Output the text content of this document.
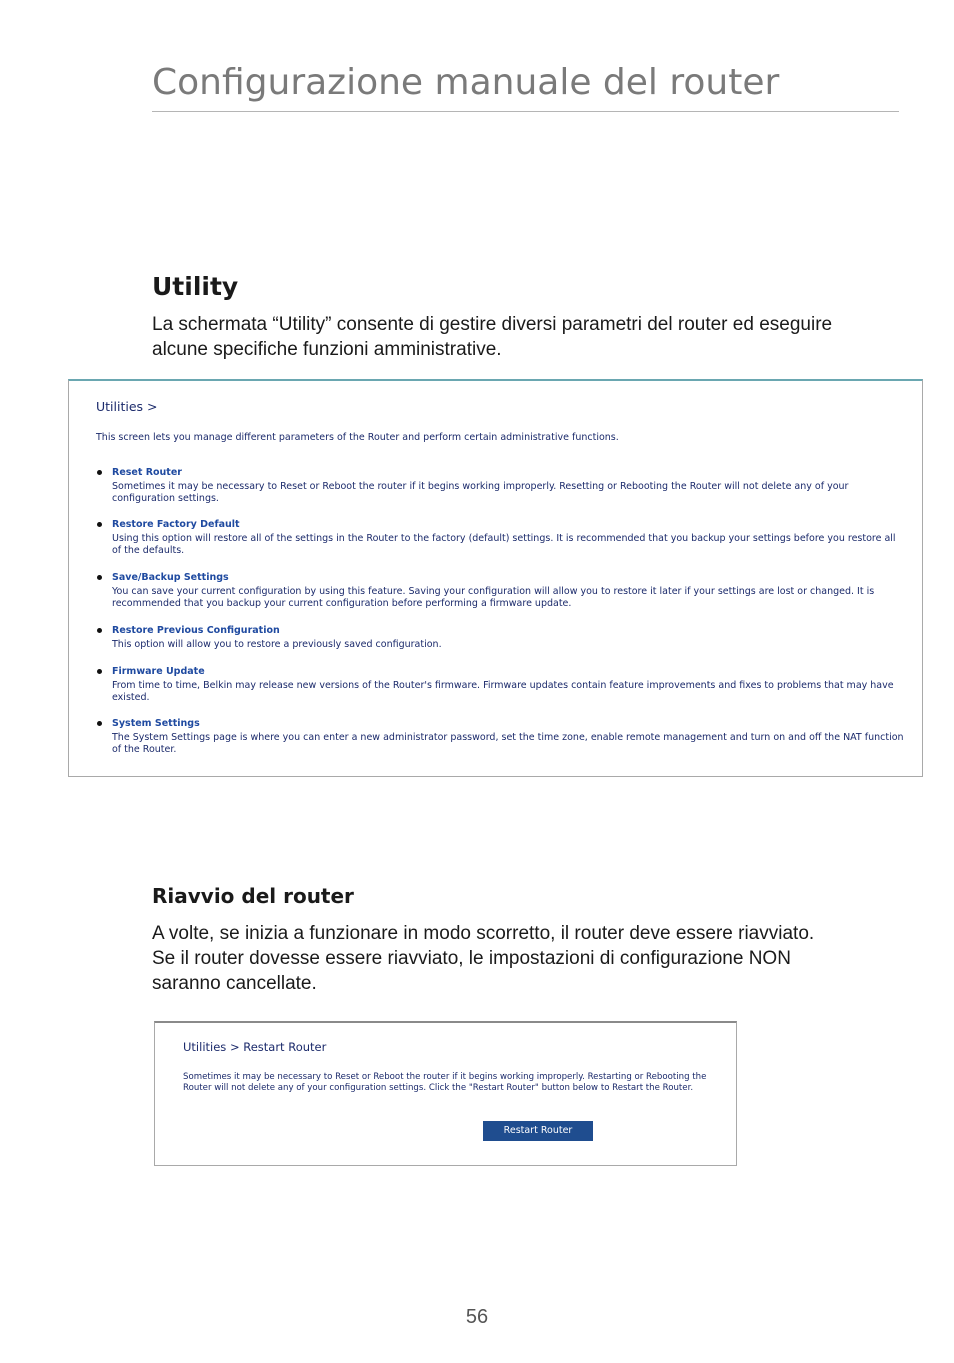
Configurazione manuale del router
Utility
La schermata “Utility” consente di gestire diversi parametri del router ed eseguire alcune specifiche funzioni amministrative.
Utilities >
This screen lets you manage different parameters of the Router and perform certain administrative functions.
Reset Router
Sometimes it may be necessary to Reset or Reboot the router if it begins working improperly. Resetting or Rebooting the Router will not delete any of your configuration settings.
Restore Factory Default
Using this option will restore all of the settings in the Router to the factory (default) settings. It is recommended that you backup your settings before you restore all of the defaults.
Save/Backup Settings
You can save your current configuration by using this feature. Saving your configuration will allow you to restore it later if your settings are lost or changed. It is recommended that you backup your current configuration before performing a firmware update.
Restore Previous Configuration
This option will allow you to restore a previously saved configuration.
Firmware Update
From time to time, Belkin may release new versions of the Router's firmware. Firmware updates contain feature improvements and fixes to problems that may have existed.
System Settings
The System Settings page is where you can enter a new administrator password, set the time zone, enable remote management and turn on and off the NAT function of the Router.
Riavvio del router
A volte, se inizia a funzionare in modo scorretto, il router deve essere riavviato. Se il router dovesse essere riavviato, le impostazioni di configurazione NON saranno cancellate.
Utilities > Restart Router
Sometimes it may be necessary to Reset or Reboot the router if it begins working improperly. Restarting or Rebooting the Router will not delete any of your configuration settings. Click the "Restart Router" button below to Restart the Router.
Restart Router
56
